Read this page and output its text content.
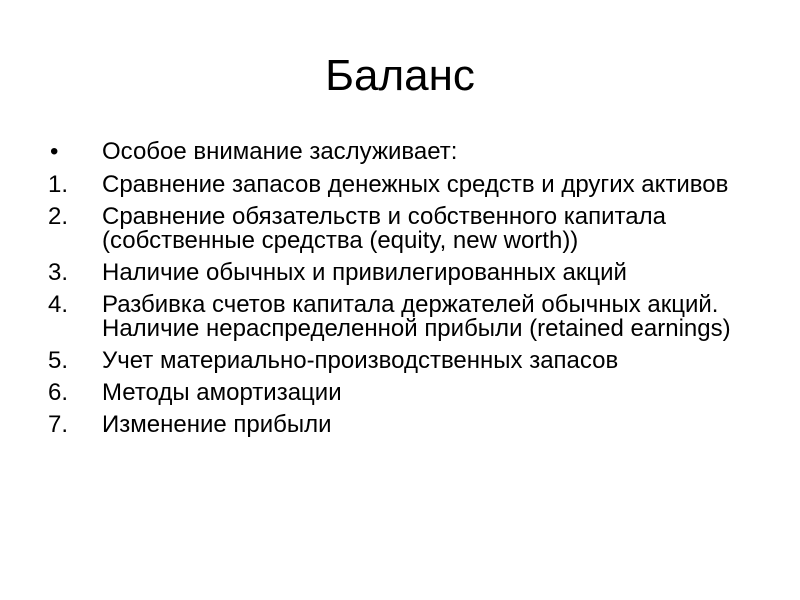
Баланс
•	Особое внимание заслуживает:
1.	Сравнение запасов денежных средств и других активов
2.	Сравнение обязательств и собственного капитала (собственные средства (equity, new worth))
3.	Наличие обычных и привилегированных акций
4.	Разбивка счетов капитала держателей обычных акций. Наличие нераспределенной прибыли (retained earnings)
5.	Учет материально-производственных запасов
6.	Методы амортизации
7.	Изменение прибыли
